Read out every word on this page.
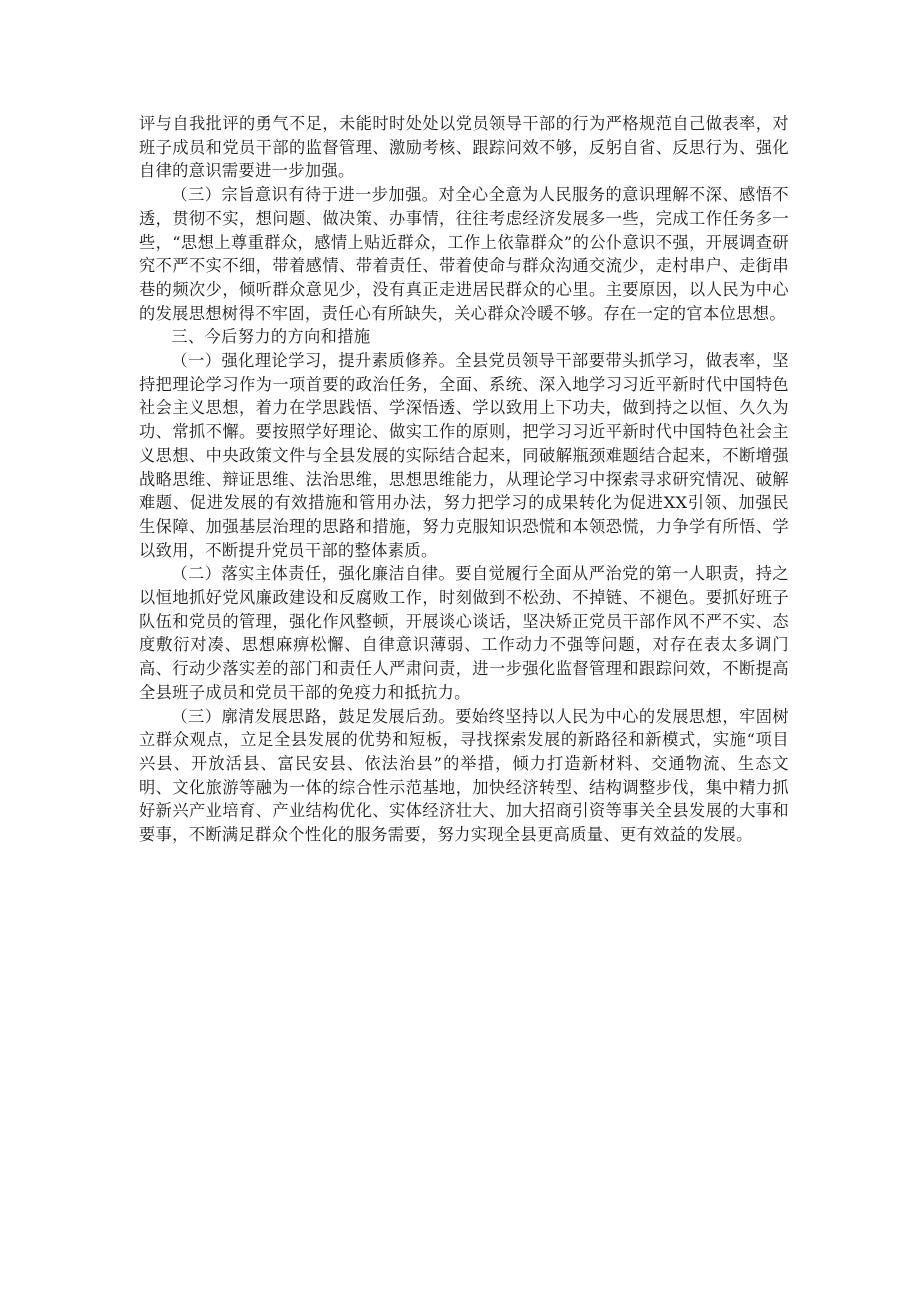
评与自我批评的勇气不足，未能时时处处以党员领导干部的行为严格规范自己做表率，对班子成员和党员干部的监督管理、激励考核、跟踪问效不够，反躬自省、反思行为、强化自律的意识需要进一步加强。

（三）宗旨意识有待于进一步加强。对全心全意为人民服务的意识理解不深、感悟不透，贯彻不实，想问题、做决策、办事情，往往考虑经济发展多一些，完成工作任务多一些，“思想上尊重群众，感情上贴近群众，工作上依靠群众”的公仆意识不强，开展调查研究不严不实不细，带着感情、带着责任、带着使命与群众沟通交流少，走村串户、走街串巷的频次少，倾听群众意见少，没有真正走进居民群众的心里。主要原因，以人民为中心的发展思想树得不牢固，责任心有所缺失，关心群众冷暖不够。存在一定的官本位思想。

三、今后努力的方向和措施

（一）强化理论学习，提升素质修养。全县党员领导干部要带头抓学习，做表率，坚持把理论学习作为一项首要的政治任务，全面、系统、深入地学习习近平新时代中国特色社会主义思想，着力在学思践悟、学深悟透、学以致用上下功夫，做到持之以恒、久久为功、常抓不懈。要按照学好理论、做实工作的原则，把学习习近平新时代中国特色社会主义思想、中央政策文件与全县发展的实际结合起来，同破解瓶颈难题结合起来，不断增强战略思维、辩证思维、法治思维，思想思维能力，从理论学习中探索寻求研究情况、破解难题、促进发展的有效措施和管用办法，努力把学习的成果转化为促进XX引领、加强民生保障、加强基层治理的思路和措施，努力克服知识恐慌和本领恐慌，力争学有所悟、学以致用，不断提升党员干部的整体素质。

（二）落实主体责任，强化廉洁自律。要自觉履行全面从严治党的第一人职责，持之以恒地抓好党风廉政建设和反腐败工作，时刻做到不松劲、不掉链、不褪色。要抓好班子队伍和党员的管理，强化作风整顿，开展谈心谈话，坚决矫正党员干部作风不严不实、态度敷衍对凑、思想麻痹松懈、自律意识薄弱、工作动力不强等问题，对存在表太多调门高、行动少落实差的部门和责任人严肃问责，进一步强化监督管理和跟踪问效，不断提高全县班子成员和党员干部的免疫力和抵抗力。

（三）廓清发展思路，鼓足发展后劲。要始终坚持以人民为中心的发展思想，牢固树立群众观点，立足全县发展的优势和短板，寻找探索发展的新路径和新模式，实施“项目兴县、开放活县、富民安县、依法治县”的举措，倾力打造新材料、交通物流、生态文明、文化旅游等融为一体的综合性示范基地，加快经济转型、结构调整步伐，集中精力抓好新兴产业培育、产业结构优化、实体经济壮大、加大招商引资等事关全县发展的大事和要事，不断满足群众个性化的服务需要，努力实现全县更高质量、更有效益的发展。
